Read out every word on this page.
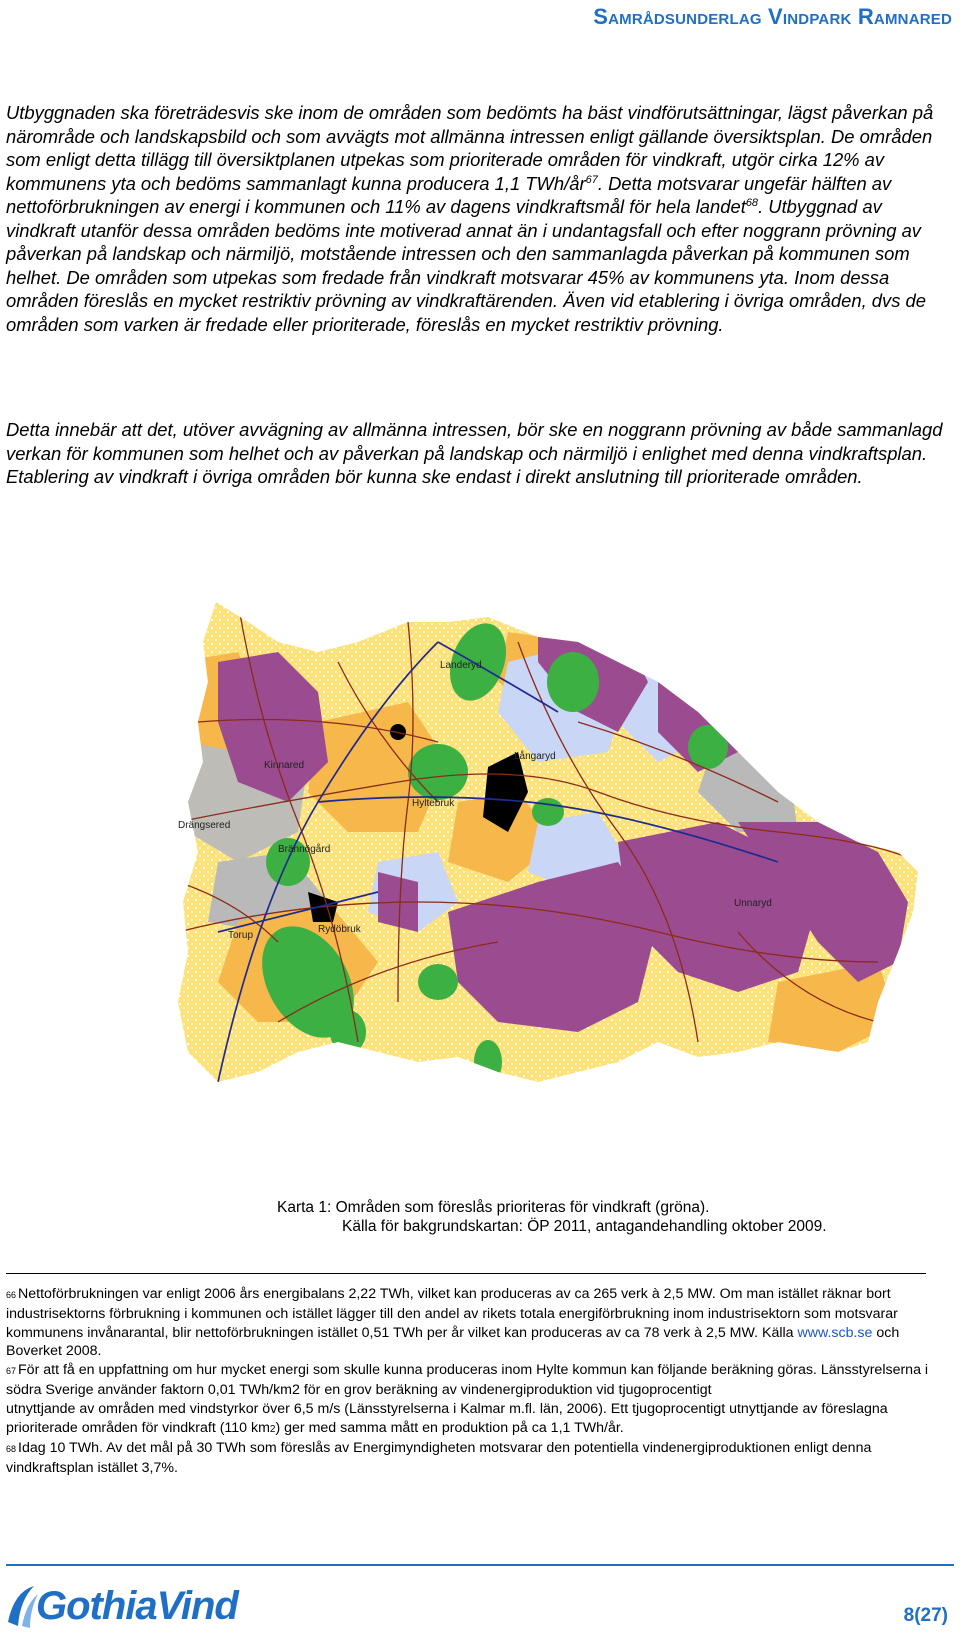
Samrådsunderlag Vindpark Ramnared
Utbyggnaden ska företrädesvis ske inom de områden som bedömts ha bäst vindförutsättningar, lägst påverkan på närområde och landskapsbild och som avvägts mot allmänna intressen enligt gällande översiktsplan. De områden som enligt detta tillägg till översiktplanen utpekas som prioriterade områden för vindkraft, utgör cirka 12% av kommunens yta och bedöms sammanlagt kunna producera 1,1 TWh/$år^{67}$. Detta motsvarar ungefär hälften av nettoförbrukningen av energi i kommunen och 11% av dagens vindkraftsmål för hela landet$^{68}$. Utbyggnad av vindkraft utanför dessa områden bedöms inte motiverad annat än i undantagsfall och efter noggrann prövning av påverkan på landskap och närmiljö, motstående intressen och den sammanlagda påverkan på kommunen som helhet. De områden som utpekas som fredade från vindkraft motsvarar 45% av kommunens yta. Inom dessa områden föreslås en mycket restriktiv prövning av vindkraftärenden. Även vid etablering i övriga områden, dvs de områden som varken är fredade eller prioriterade, föreslås en mycket restriktiv prövning.
Detta innebär att det, utöver avvägning av allmänna intressen, bör ske en noggrann prövning av både sammanlagd verkan för kommunen som helhet och av påverkan på landskap och närmiljö i enlighet med denna vindkraftsplan. Etablering av vindkraft i övriga områden bör kunna ske endast i direkt anslutning till prioriterade områden.
Landeryd
Långaryd
Hyltebruk
Kinnared
Drängsered
Brännögård
Torup
Unnaryd
Rydöbruk
Karta 1: Områden som föreslås prioriteras för vindkraft (gröna).
Källa för bakgrundskartan: ÖP 2011, antagandehandling oktober 2009.
66 Nettoförbrukningen var enligt 2006 års energibalans 2,22 TWh, vilket kan produceras av ca 265 verk à 2,5 MW. Om man istället räknar bort industrisektorns förbrukning i kommunen och istället lägger till den andel av rikets totala energiförbrukning inom industrisektorn som motsvarar kommunens invånarantal, blir nettoförbrukningen istället 0,51 TWh per år vilket kan produceras av ca 78 verk à 2,5 MW. Källa www.scb.se och Boverket 2008.
67 För att få en uppfattning om hur mycket energi som skulle kunna produceras inom Hylte kommun kan följande beräkning göras. Länsstyrelserna i södra Sverige använder faktorn 0,01 TWh/km2 för en grov beräkning av vindenergiproduktion vid tjugoprocentigt
utnyttjande av områden med vindstyrkor över 6,5 m/s (Länsstyrelserna i Kalmar m.fl. län, 2006). Ett tjugoprocentigt utnyttjande av föreslagna prioriterade områden för vindkraft (110 km2) ger med samma mått en produktion på ca 1,1 TWh/år.
68 Idag 10 TWh. Av det mål på 30 TWh som föreslås av Energimyndigheten motsvarar den potentiella vindenergiproduktionen enligt denna vindkraftsplan istället 3,7%.
GothiaVind	8(27)
